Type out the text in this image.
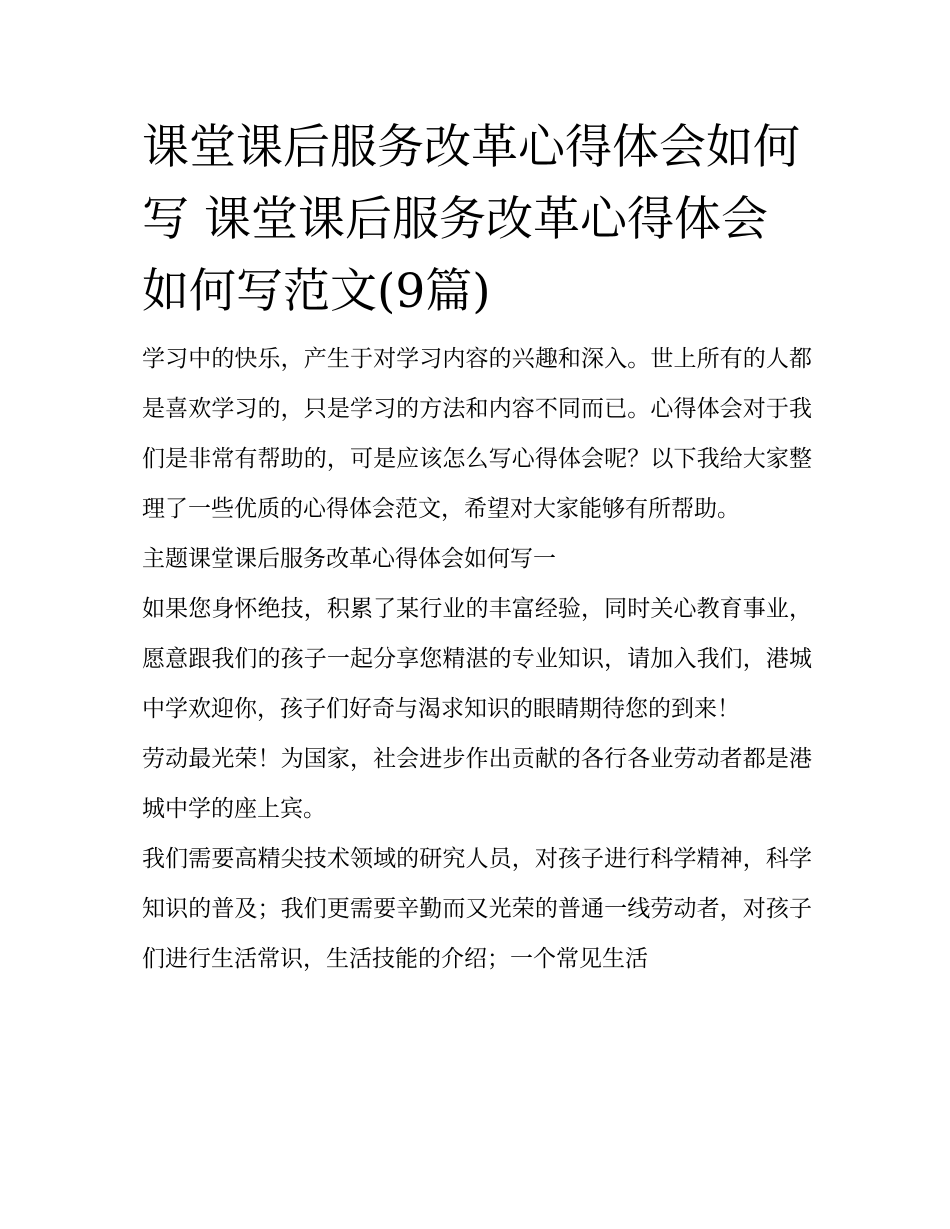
课堂课后服务改革心得体会如何写 课堂课后服务改革心得体会如何写范文(9篇)

学习中的快乐，产生于对学习内容的兴趣和深入。世上所有的人都是喜欢学习的，只是学习的方法和内容不同而已。心得体会对于我们是非常有帮助的，可是应该怎么写心得体会呢？以下我给大家整理了一些优质的心得体会范文，希望对大家能够有所帮助。

主题课堂课后服务改革心得体会如何写一

如果您身怀绝技，积累了某行业的丰富经验，同时关心教育事业，愿意跟我们的孩子一起分享您精湛的专业知识，请加入我们，港城中学欢迎你，孩子们好奇与渴求知识的眼睛期待您的到来！

劳动最光荣！为国家，社会进步作出贡献的各行各业劳动者都是港城中学的座上宾。

我们需要高精尖技术领域的研究人员，对孩子进行科学精神，科学知识的普及；我们更需要辛勤而又光荣的普通一线劳动者，对孩子们进行生活常识，生活技能的介绍；一个常见生活
